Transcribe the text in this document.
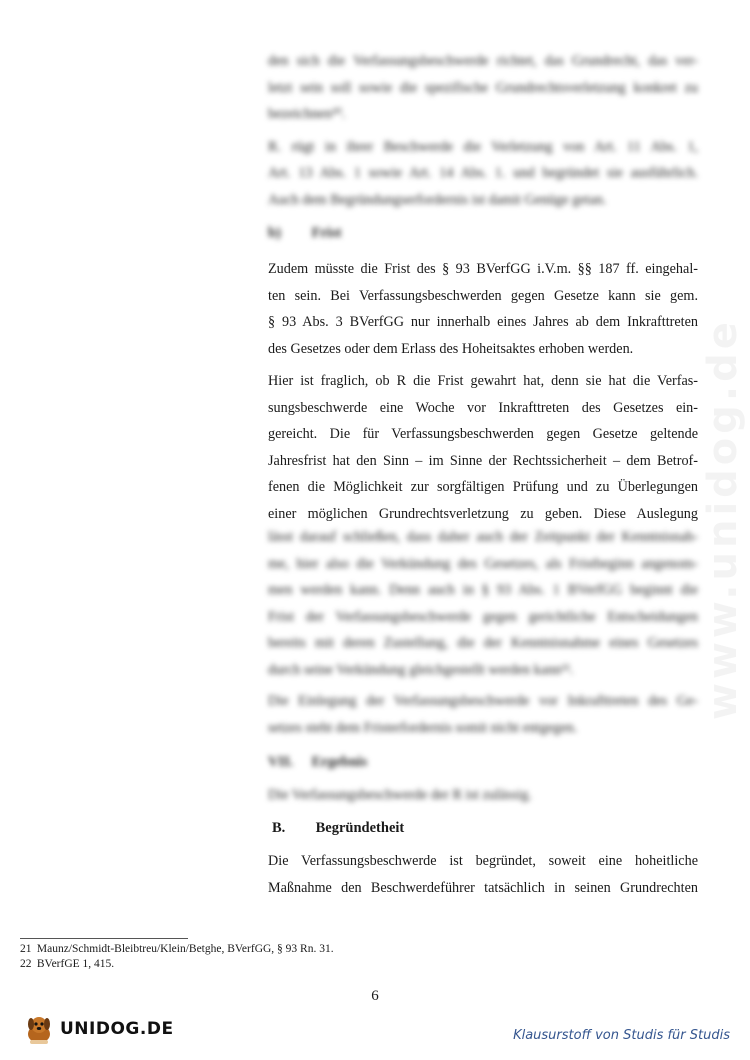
www.unidog.de

den sich die Verfassungsbeschwerde richtet, das Grundrecht, das ver-
letzt sein soll sowie die spezifische Grundrechtsverletzung konkret zu
bezeichnen²⁰.

R. rügt in ihrer Beschwerde die Verletzung von Art. 11 Abs. 1,
Art. 13 Abs. 1 sowie Art. 14 Abs. 1. und begründet sie ausführlich.
Auch dem Begründungserfordernis ist damit Genüge getan.

b) Frist

Zudem müsste die Frist des § 93 BVerfGG i.V.m. §§ 187 ff. eingehal-
ten sein. Bei Verfassungsbeschwerden gegen Gesetze kann sie gem.
§ 93 Abs. 3 BVerfGG nur innerhalb eines Jahres ab dem Inkrafttreten
des Gesetzes oder dem Erlass des Hoheitsaktes erhoben werden.

Hier ist fraglich, ob R die Frist gewahrt hat, denn sie hat die Verfas-
sungsbeschwerde eine Woche vor Inkrafttreten des Gesetzes ein-
gereicht. Die für Verfassungsbeschwerden gegen Gesetze geltende
Jahresfrist hat den Sinn – im Sinne der Rechtssicherheit – dem Betrof-
fenen die Möglichkeit zur sorgfältigen Prüfung und zu Überlegungen
einer möglichen Grundrechtsverletzung zu geben. Diese Auslegung

lässt darauf schließen, dass daher auch der Zeitpunkt der Kenntnisnah-
me, hier also die Verkündung des Gesetzes, als Fristbeginn angenom-
men werden kann. Denn auch in § 93 Abs. 1 BVerfGG beginnt die
Frist der Verfassungsbeschwerde gegen gerichtliche Entscheidungen
bereits mit deren Zustellung, die der Kenntnisnahme eines Gesetzes
durch seine Verkündung gleichgestellt werden kann²².

Die Einlegung der Verfassungsbeschwerde vor Inkrafttreten des Ge-
setzes steht dem Fristerfordernis somit nicht entgegen.

VII. Ergebnis

Die Verfassungsbeschwerde der R ist zulässig.

B. Begründetheit

Die Verfassungsbeschwerde ist begründet, soweit eine hoheitliche
Maßnahme den Beschwerdeführer tatsächlich in seinen Grundrechten

21 Maunz/Schmidt-Bleibtreu/Klein/Betghe, BVerfGG, § 93 Rn. 31.
22 BVerfGE 1, 415.
6
UNIDOG.DE	Klausurstoff von Studis für Studis
